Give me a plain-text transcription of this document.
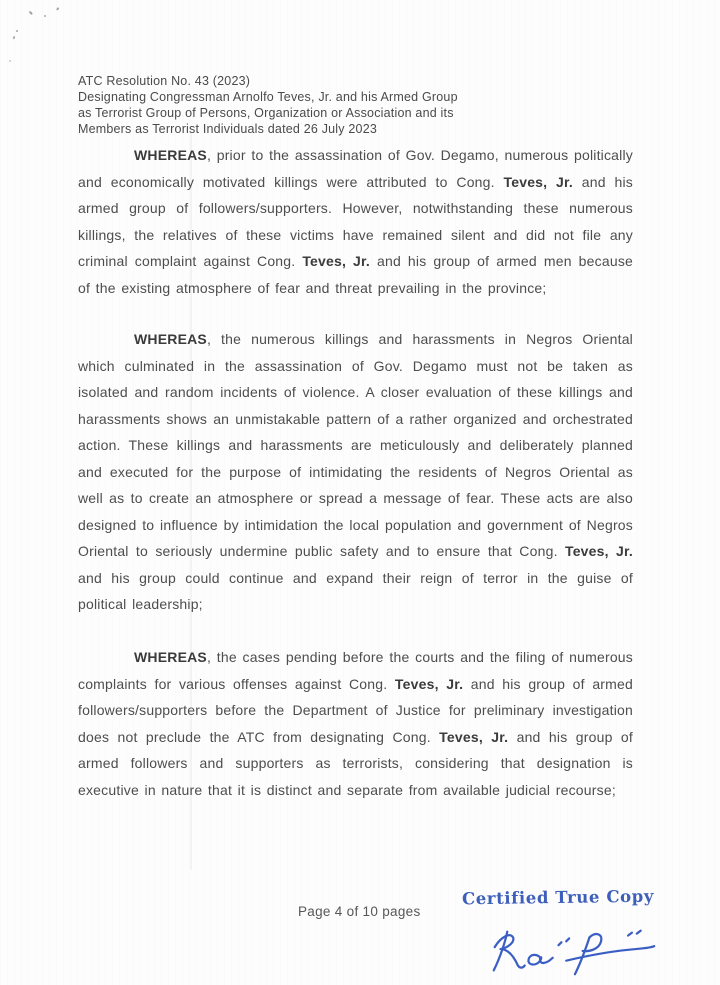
ATC Resolution No. 43 (2023)
Designating Congressman Arnolfo Teves, Jr. and his Armed Group
as Terrorist Group of Persons, Organization or Association and its
Members as Terrorist Individuals dated 26 July 2023

WHEREAS, prior to the assassination of Gov. Degamo, numerous politically and economically motivated killings were attributed to Cong. Teves, Jr. and his armed group of followers/supporters. However, notwithstanding these numerous killings, the relatives of these victims have remained silent and did not file any criminal complaint against Cong. Teves, Jr. and his group of armed men because of the existing atmosphere of fear and threat prevailing in the province;

WHEREAS, the numerous killings and harassments in Negros Oriental which culminated in the assassination of Gov. Degamo must not be taken as isolated and random incidents of violence. A closer evaluation of these killings and harassments shows an unmistakable pattern of a rather organized and orchestrated action. These killings and harassments are meticulously and deliberately planned and executed for the purpose of intimidating the residents of Negros Oriental as well as to create an atmosphere or spread a message of fear. These acts are also designed to influence by intimidation the local population and government of Negros Oriental to seriously undermine public safety and to ensure that Cong. Teves, Jr. and his group could continue and expand their reign of terror in the guise of political leadership;

WHEREAS, the cases pending before the courts and the filing of numerous complaints for various offenses against Cong. Teves, Jr. and his group of armed followers/supporters before the Department of Justice for preliminary investigation does not preclude the ATC from designating Cong. Teves, Jr. and his group of armed followers and supporters as terrorists, considering that designation is executive in nature that it is distinct and separate from available judicial recourse;

Page 4 of 10 pages
Certified True Copy
